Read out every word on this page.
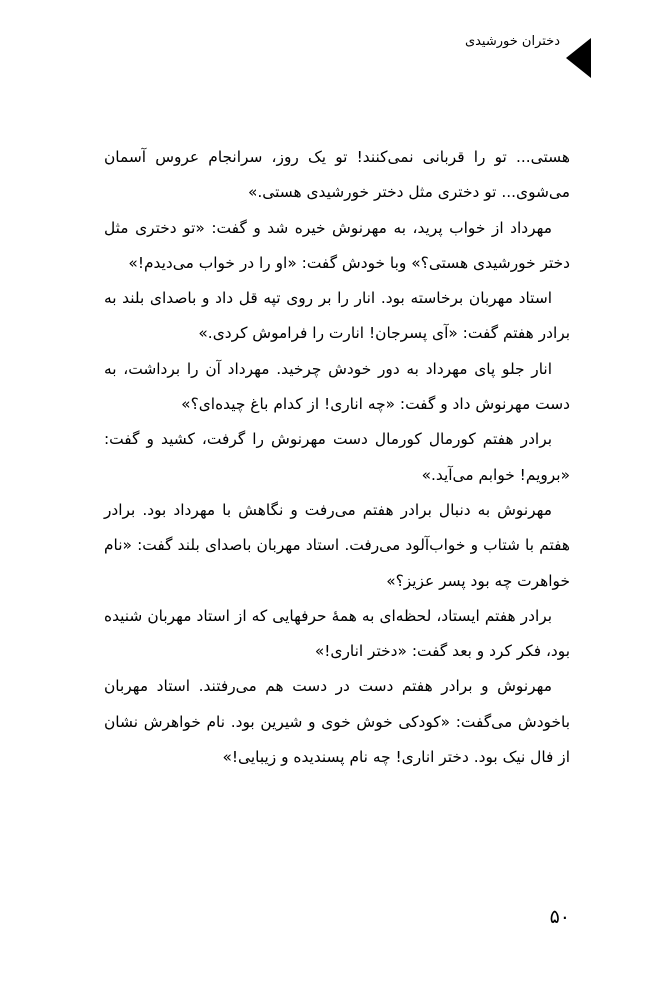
دختران خورشیدی

هستی... تو را قربانی نمی‌کنند! تو یک روز، سرانجام عروس آسمان می‌شوی... تو دختری مثل دختر خورشیدی هستی.»

مهرداد از خواب پرید، به مهرنوش خیره شد و گفت: «تو دختری مثل دختر خورشیدی هستی؟» وبا خودش گفت: «او را در خواب می‌دیدم!»

استاد مهربان برخاسته بود. انار را بر روی تپه قل داد و باصدای بلند به برادر هفتم گفت: «آی پسرجان! انارت را فراموش کردی.»

انار جلو پای مهرداد به دور خودش چرخید. مهرداد آن را برداشت، به دست مهرنوش داد و گفت: «چه اناری! از کدام باغ چیده‌ای؟»

برادر هفتم کورمال کورمال دست مهرنوش را گرفت، کشید و گفت: «برویم! خوابم می‌آید.»

مهرنوش به دنبال برادر هفتم می‌رفت و نگاهش با مهرداد بود. برادر هفتم با شتاب و خواب‌آلود می‌رفت. استاد مهربان باصدای بلند گفت: «نام خواهرت چه بود پسر عزیز؟»

برادر هفتم ایستاد، لحظه‌ای به همهٔ حرفهایی که از استاد مهربان شنیده بود، فکر کرد و بعد گفت: «دختر اناری!»

مهرنوش و برادر هفتم دست در دست هم می‌رفتند. استاد مهربان باخودش می‌گفت: «کودکی خوش خوی و شیرین بود. نام خواهرش نشان از فال نیک بود. دختر اناری! چه نام پسندیده و زیبایی!»

۵۰
